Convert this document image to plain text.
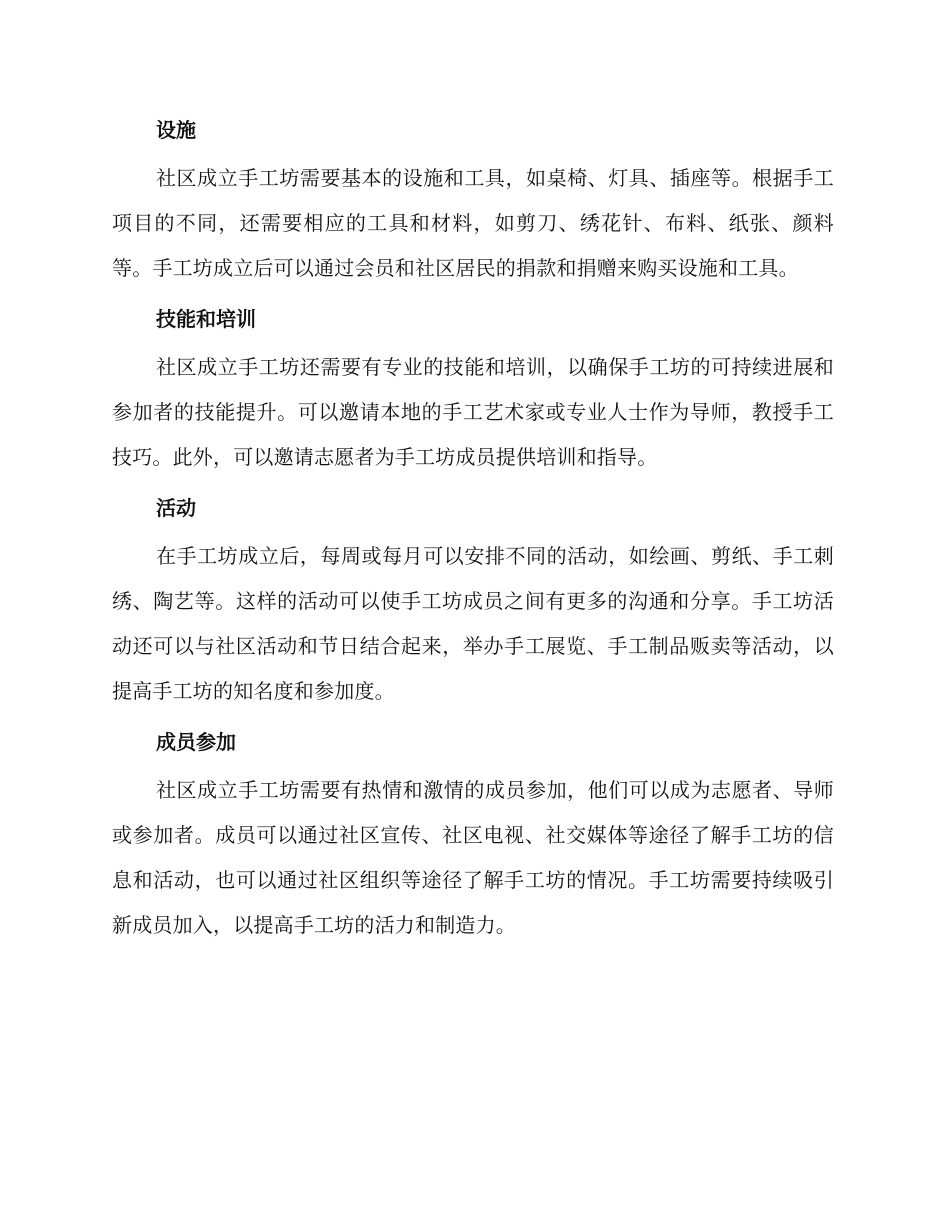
设施

社区成立手工坊需要基本的设施和工具，如桌椅、灯具、插座等。根据手工项目的不同，还需要相应的工具和材料，如剪刀、绣花针、布料、纸张、颜料等。手工坊成立后可以通过会员和社区居民的捐款和捐赠来购买设施和工具。

技能和培训

社区成立手工坊还需要有专业的技能和培训，以确保手工坊的可持续进展和参加者的技能提升。可以邀请本地的手工艺术家或专业人士作为导师，教授手工技巧。此外，可以邀请志愿者为手工坊成员提供培训和指导。

活动

在手工坊成立后，每周或每月可以安排不同的活动，如绘画、剪纸、手工刺绣、陶艺等。这样的活动可以使手工坊成员之间有更多的沟通和分享。手工坊活动还可以与社区活动和节日结合起来，举办手工展览、手工制品贩卖等活动，以提高手工坊的知名度和参加度。

成员参加

社区成立手工坊需要有热情和激情的成员参加，他们可以成为志愿者、导师或参加者。成员可以通过社区宣传、社区电视、社交媒体等途径了解手工坊的信息和活动，也可以通过社区组织等途径了解手工坊的情况。手工坊需要持续吸引新成员加入，以提高手工坊的活力和制造力。
